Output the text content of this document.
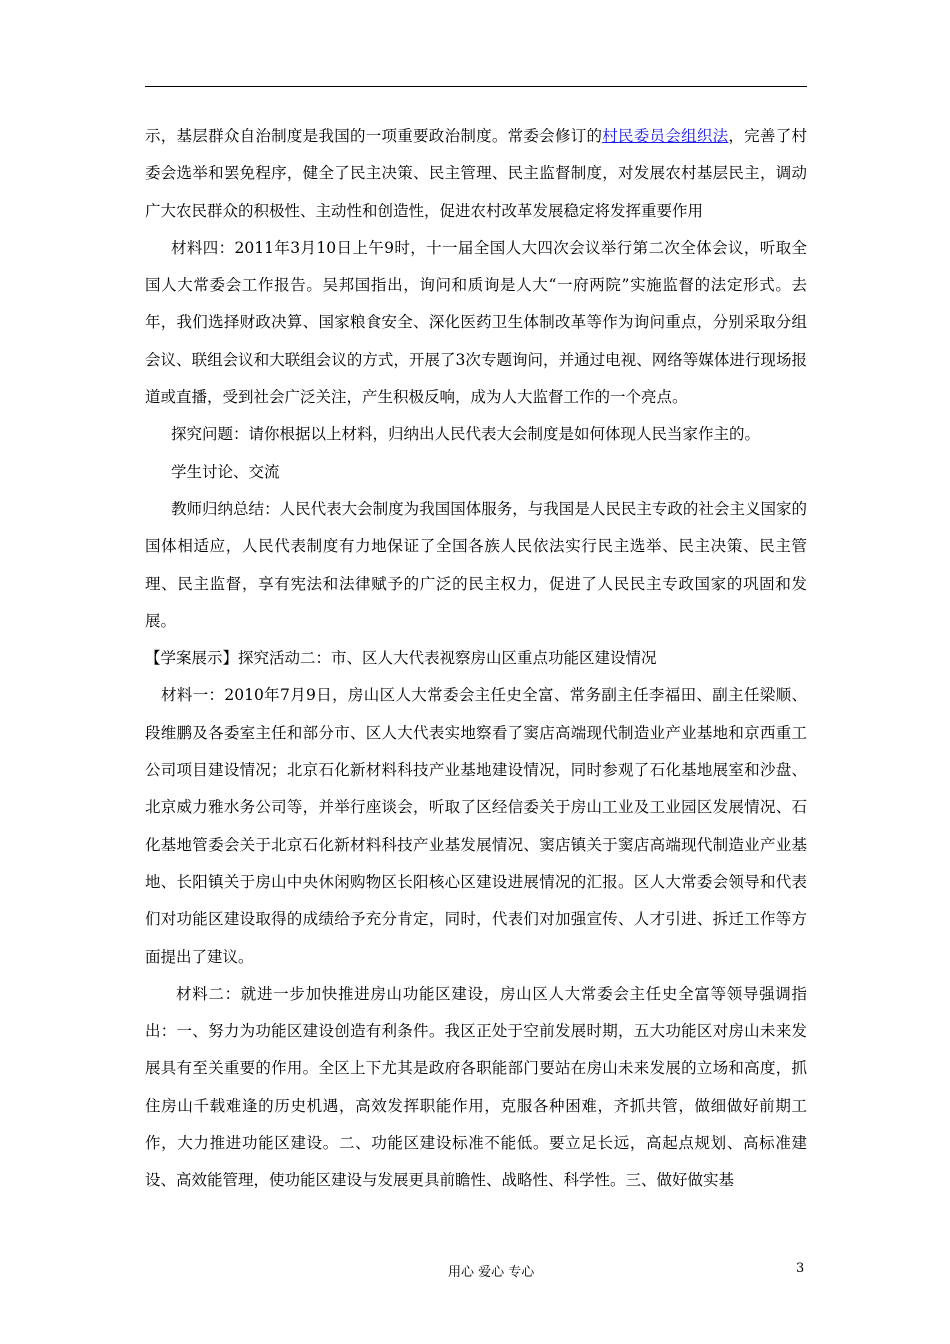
示，基层群众自治制度是我国的一项重要政治制度。常委会修订的村民委员会组织法，完善了村委会选举和罢免程序，健全了民主决策、民主管理、民主监督制度，对发展农村基层民主，调动广大农民群众的积极性、主动性和创造性，促进农村改革发展稳定将发挥重要作用

材料四：2011年3月10日上午9时，十一届全国人大四次会议举行第二次全体会议，听取全国人大常委会工作报告。吴邦国指出，询问和质询是人大“一府两院”实施监督的法定形式。去年，我们选择财政决算、国家粮食安全、深化医药卫生体制改革等作为询问重点，分别采取分组会议、联组会议和大联组会议的方式，开展了3次专题询问，并通过电视、网络等媒体进行现场报道或直播，受到社会广泛关注，产生积极反响，成为人大监督工作的一个亮点。

探究问题：请你根据以上材料，归纳出人民代表大会制度是如何体现人民当家作主的。

学生讨论、交流

教师归纳总结：人民代表大会制度为我国国体服务，与我国是人民民主专政的社会主义国家的国体相适应，人民代表制度有力地保证了全国各族人民依法实行民主选举、民主决策、民主管理、民主监督，享有宪法和法律赋予的广泛的民主权力，促进了人民民主专政国家的巩固和发展。

【学案展示】探究活动二：市、区人大代表视察房山区重点功能区建设情况

材料一：2010年7月9日，房山区人大常委会主任史全富、常务副主任李福田、副主任梁顺、段维鹏及各委室主任和部分市、区人大代表实地察看了窦店高端现代制造业产业基地和京西重工公司项目建设情况；北京石化新材料科技产业基地建设情况，同时参观了石化基地展室和沙盘、北京威力雅水务公司等，并举行座谈会，听取了区经信委关于房山工业及工业园区发展情况、石化基地管委会关于北京石化新材料科技产业基发展情况、窦店镇关于窦店高端现代制造业产业基地、长阳镇关于房山中央休闲购物区长阳核心区建设进展情况的汇报。区人大常委会领导和代表们对功能区建设取得的成绩给予充分肯定，同时，代表们对加强宣传、人才引进、拆迁工作等方面提出了建议。

材料二：就进一步加快推进房山功能区建设，房山区人大常委会主任史全富等领导强调指出：一、努力为功能区建设创造有利条件。我区正处于空前发展时期，五大功能区对房山未来发展具有至关重要的作用。全区上下尤其是政府各职能部门要站在房山未来发展的立场和高度，抓住房山千载难逢的历史机遇，高效发挥职能作用，克服各种困难，齐抓共管，做细做好前期工作，大力推进功能区建设。二、功能区建设标准不能低。要立足长远，高起点规划、高标准建设、高效能管理，使功能区建设与发展更具前瞻性、战略性、科学性。三、做好做实基

用心 爱心 专心	3
